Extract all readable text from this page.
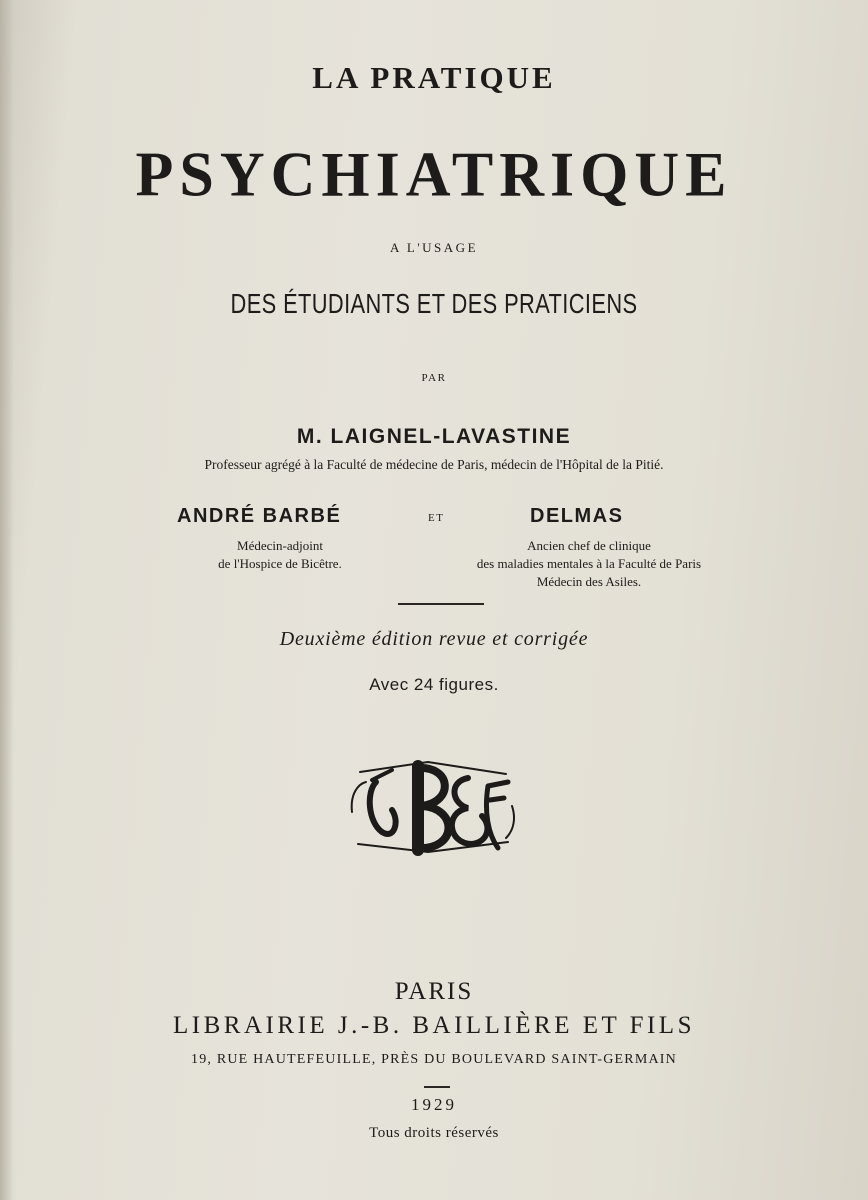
LA PRATIQUE
PSYCHIATRIQUE
A L'USAGE
DES ÉTUDIANTS ET DES PRATICIENS
PAR
M. LAIGNEL-LAVASTINE
Professeur agrégé à la Faculté de médecine de Paris, médecin de l'Hôpital de la Pitié.
ANDRÉ BARBÉ
Médecin-adjoint
de l'Hospice de Bicêtre.
ET	DELMAS
Ancien chef de clinique
des maladies mentales à la Faculté de Paris
Médecin des Asiles.
Deuxième édition revue et corrigée
Avec 24 figures.
PARIS
LIBRAIRIE J.-B. BAILLIÈRE ET FILS
19, RUE HAUTEFEUILLE, PRÈS DU BOULEVARD SAINT-GERMAIN
1929
Tous droits réservés
